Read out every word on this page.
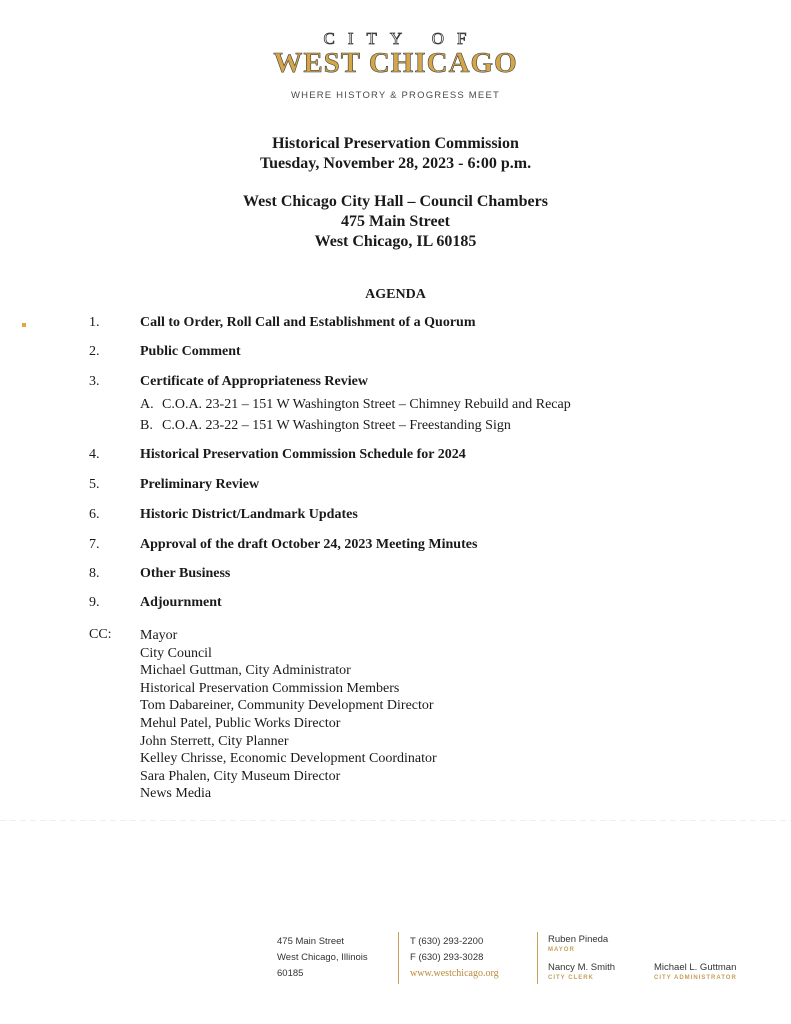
CITY OF
WEST CHICAGO
WHERE HISTORY & PROGRESS MEET
Historical Preservation Commission
Tuesday, November 28, 2023 - 6:00 p.m.
West Chicago City Hall – Council Chambers
475 Main Street
West Chicago, IL 60185
AGENDA
1.	Call to Order, Roll Call and Establishment of a Quorum
2.	Public Comment
3.	Certificate of Appropriateness Review
A. C.O.A. 23-21 – 151 W Washington Street – Chimney Rebuild and Recap
B. C.O.A. 23-22 – 151 W Washington Street – Freestanding Sign
4.	Historical Preservation Commission Schedule for 2024
5.	Preliminary Review
6.	Historic District/Landmark Updates
7.	Approval of the draft October 24, 2023 Meeting Minutes
8.	Other Business
9.	Adjournment
CC: Mayor
City Council
Michael Guttman, City Administrator
Historical Preservation Commission Members
Tom Dabareiner, Community Development Director
Mehul Patel, Public Works Director
John Sterrett, City Planner
Kelley Chrisse, Economic Development Coordinator
Sara Phalen, City Museum Director
News Media
475 Main Street
West Chicago, Illinois
60185
T (630) 293-2200
F (630) 293-3028
www.westchicago.org
Ruben Pineda
MAYOR
Nancy M. Smith
CITY CLERK
Michael L. Guttman
CITY ADMINISTRATOR
